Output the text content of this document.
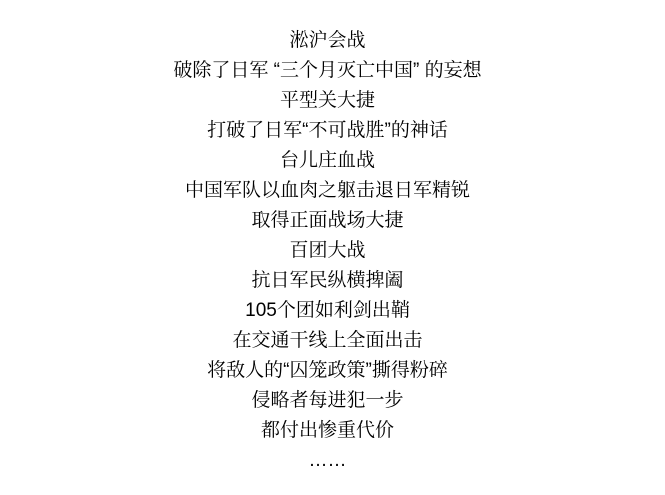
淞沪会战

破除了日军 “三个月灭亡中国” 的妄想

平型关大捷

打破了日军“不可战胜”的神话

台儿庄血战

中国军队以血肉之躯击退日军精锐

取得正面战场大捷

百团大战

抗日军民纵横捭阖

105个团如利剑出鞘

在交通干线上全面出击

将敌人的“囚笼政策”撕得粉碎

侵略者每进犯一步

都付出惨重代价

……
